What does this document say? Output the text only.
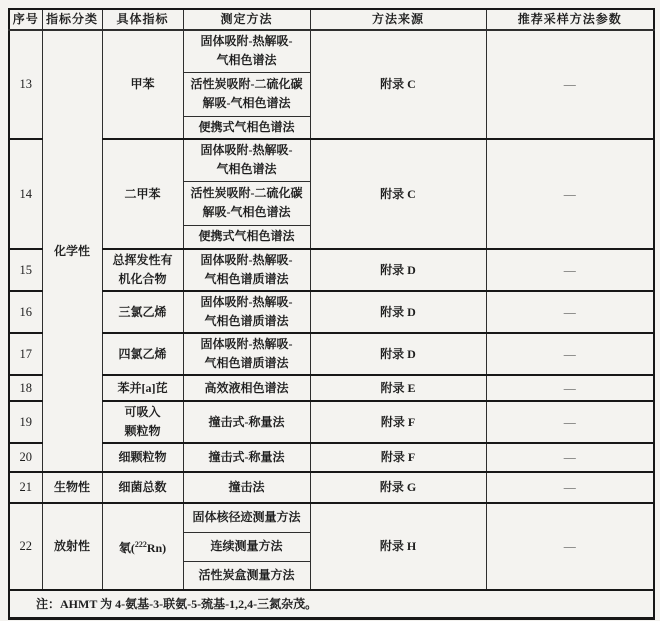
序号	指标分类	具体指标	测定方法	方法来源	推荐采样方法参数
13	化学性	甲苯	固体吸附-热解吸-
气相色谱法	附录 C	—

			活性炭吸附-二硫化碳
解吸-气相色谱法		

			便携式气相色谱法		

14		二甲苯	固体吸附-热解吸-
气相色谱法	附录 C	—

			活性炭吸附-二硫化碳
解吸-气相色谱法		

			便携式气相色谱法		

15		总挥发性有
机化合物	固体吸附-热解吸-
气相色谱质谱法	附录 D	—
16		三氯乙烯	固体吸附-热解吸-
气相色谱质谱法	附录 D	—
17		四氯乙烯	固体吸附-热解吸-
气相色谱质谱法	附录 D	—
18		苯并[a]芘	高效液相色谱法	附录 E	—
19		可吸入
颗粒物	撞击式-称量法	附录 F	—
20		细颗粒物	撞击式-称量法	附录 F	—
21	生物性	细菌总数	撞击法	附录 G	—
22	放射性	氡($^{222}$Rn)	固体核径迹测量方法	附录 H	—
			连续测量方法		
			活性炭盒测量方法		
注：AHMT 为 4-氨基-3-联氨-5-巯基-1,2,4-三氮杂茂。					
